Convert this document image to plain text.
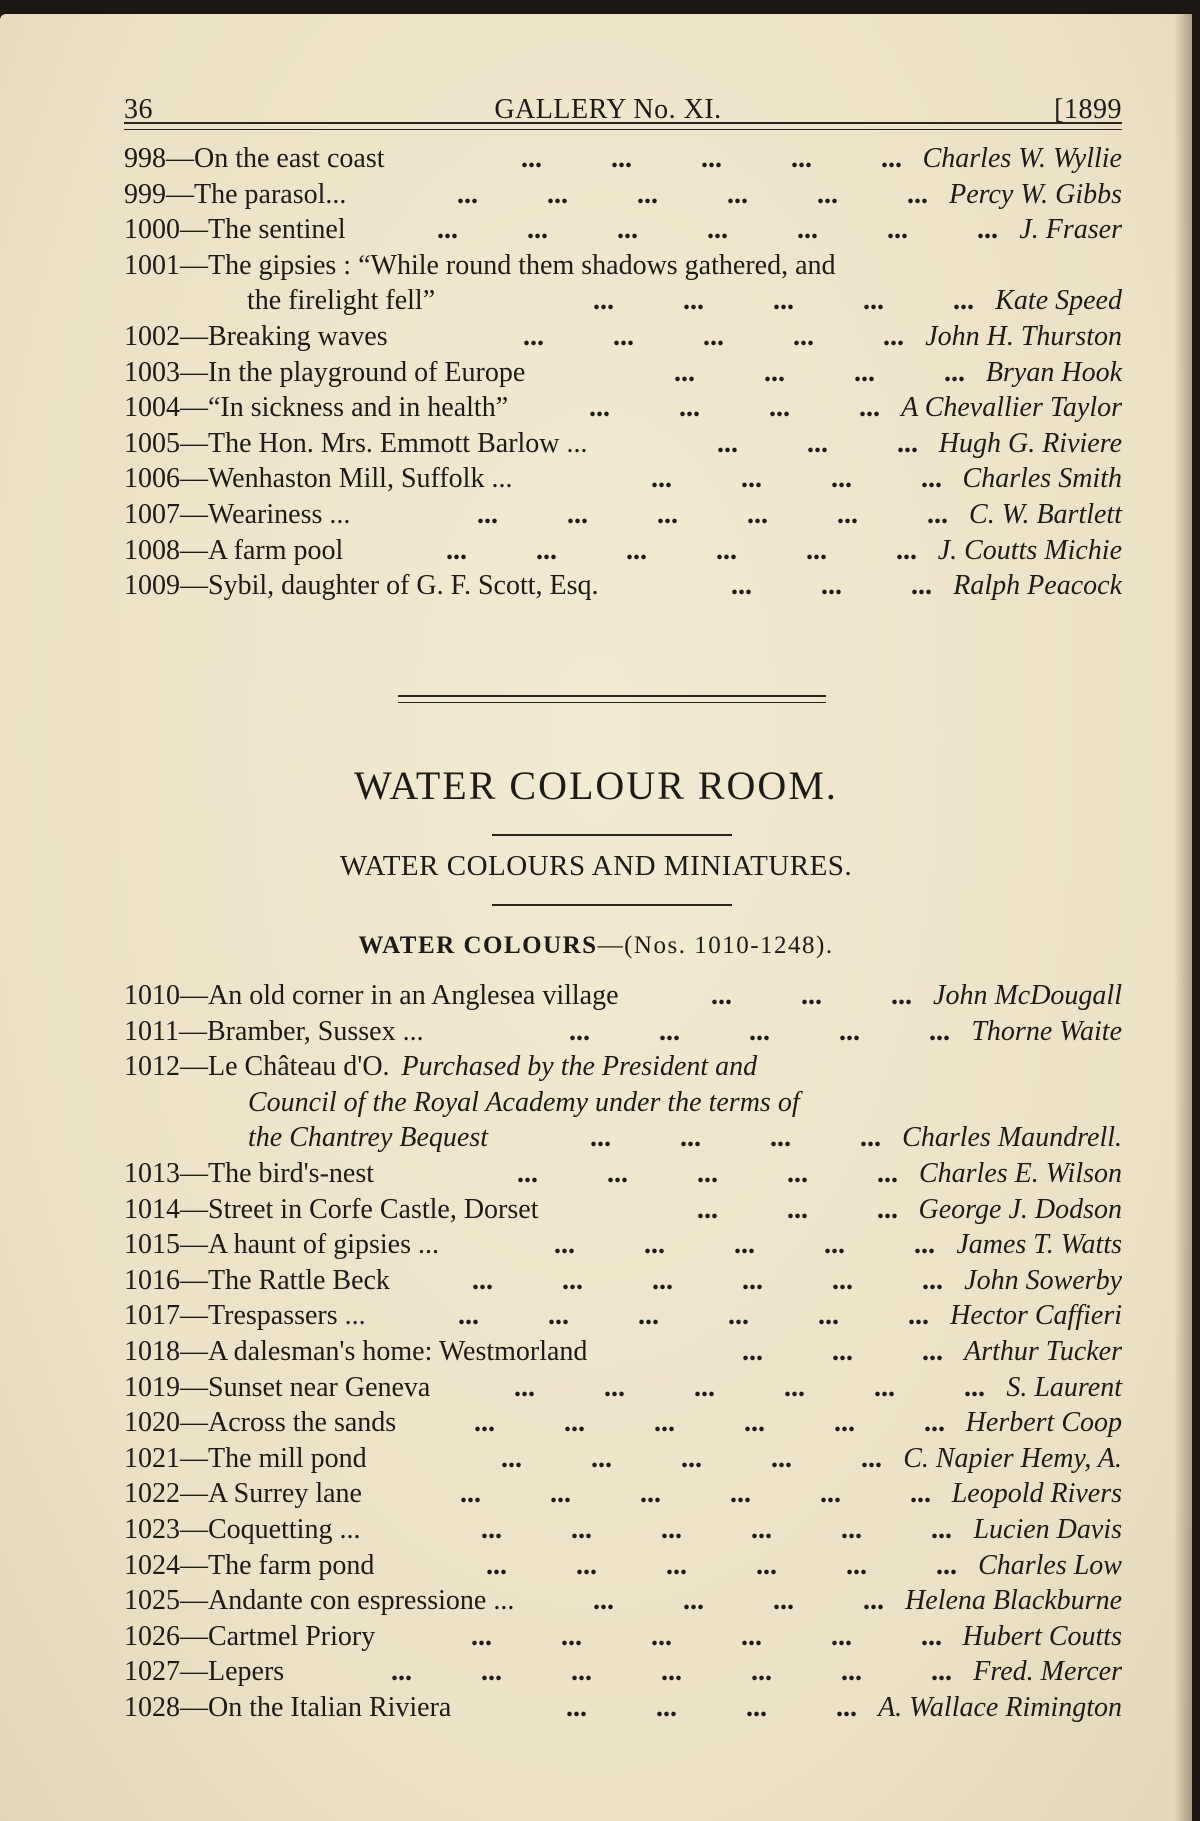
36	GALLERY No. XI.	[1899
998—On the east coast	... ... ... ... ... Charles W. Wyllie
999—The parasol...	... ... ... ... ... ... Percy W. Gibbs
1000—The sentinel	... ... ... ... ... ... ... J. Fraser
1001—The gipsies : “While round them shadows gathered, and
the firelight fell”	... ... ... ... ... Kate Speed
1002—Breaking waves	... ... ... ... ... John H. Thurston
1003—In the playground of Europe	... ... ... ... Bryan Hook
1004—“In sickness and in health”	... ... ... ... A Chevallier Taylor
1005—The Hon. Mrs. Emmott Barlow ...	... ... ... Hugh G. Riviere
1006—Wenhaston Mill, Suffolk ...	... ... ... ... Charles Smith
1007—Weariness ...	... ... ... ... ... ... C. W. Bartlett
1008—A farm pool	... ... ... ... ... ... J. Coutts Michie
1009—Sybil, daughter of G. F. Scott, Esq.	... ... ... Ralph Peacock
WATER COLOUR ROOM.
WATER COLOURS AND MINIATURES.
WATER COLOURS—(Nos. 1010-1248).
1010—An old corner in an Anglesea village	... ... ... John McDougall
1011—Bramber, Sussex ...	... ... ... ... ... Thorne Waite
1012—Le Château d'O. Purchased by the President and
Council of the Royal Academy under the terms of
the Chantrey Bequest	... ... ... ... Charles Maundrell.
1013—The bird's-nest	... ... ... ... ... Charles E. Wilson
1014—Street in Corfe Castle, Dorset	... ... ... George J. Dodson
1015—A haunt of gipsies ...	... ... ... ... ... James T. Watts
1016—The Rattle Beck	... ... ... ... ... ... John Sowerby
1017—Trespassers ...	... ... ... ... ... ... Hector Caffieri
1018—A dalesman's home: Westmorland	... ... ... Arthur Tucker
1019—Sunset near Geneva	... ... ... ... ... ... S. Laurent
1020—Across the sands	... ... ... ... ... ... Herbert Coop
1021—The mill pond	... ... ... ... ... C. Napier Hemy, A.
1022—A Surrey lane	... ... ... ... ... ... Leopold Rivers
1023—Coquetting ...	... ... ... ... ... ... Lucien Davis
1024—The farm pond	... ... ... ... ... ... Charles Low
1025—Andante con espressione ...	... ... ... ... Helena Blackburne
1026—Cartmel Priory	... ... ... ... ... ... Hubert Coutts
1027—Lepers	... ... ... ... ... ... ... Fred. Mercer
1028—On the Italian Riviera	... ... ... ... A. Wallace Rimington
